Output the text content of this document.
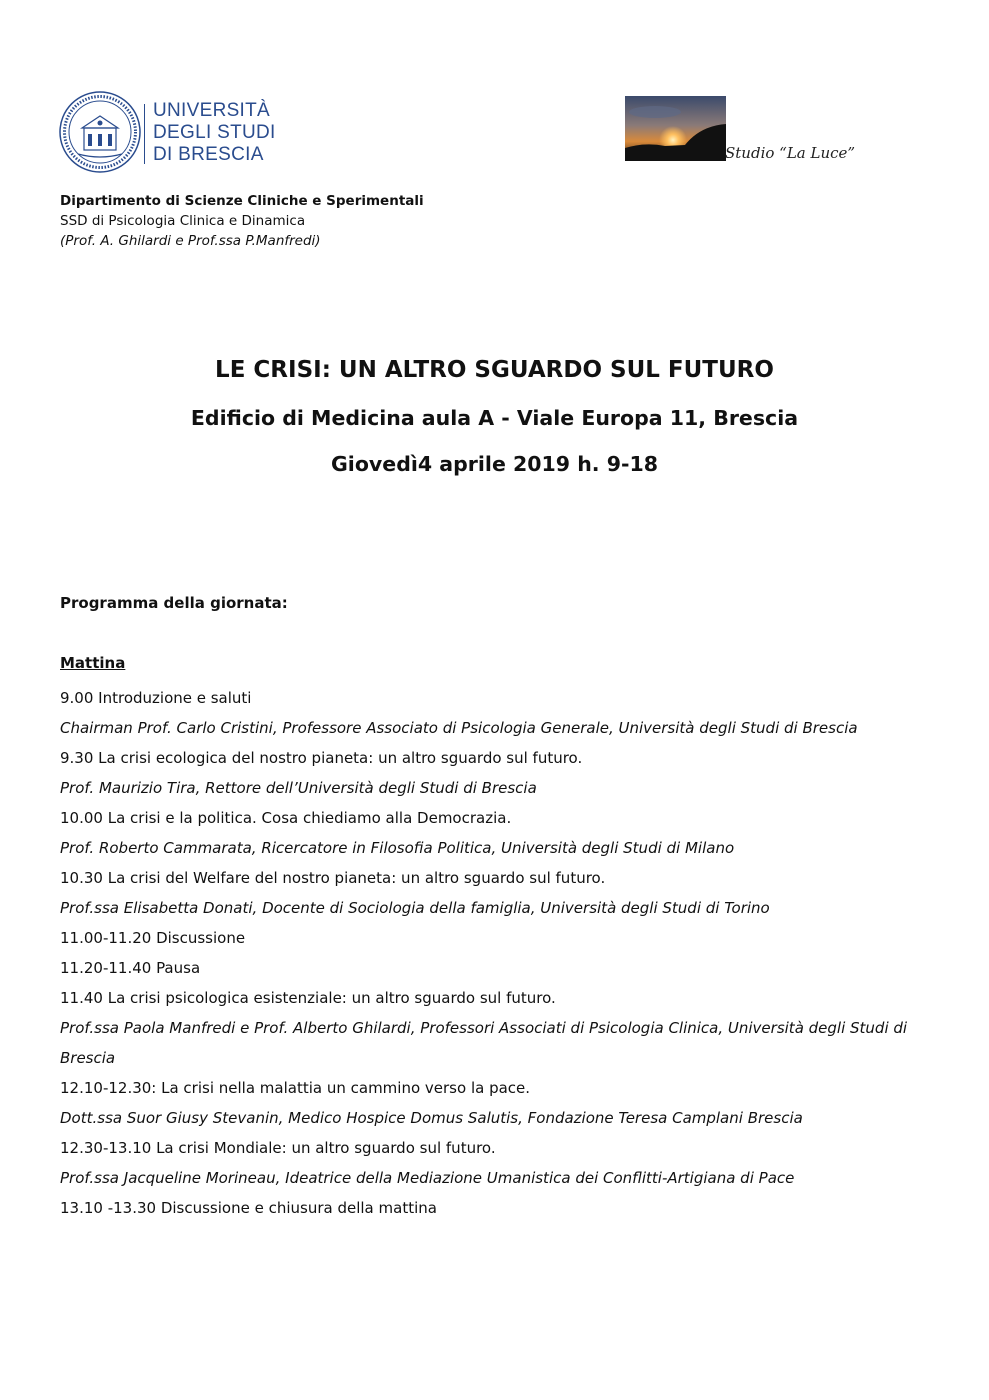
UNIVERSITÀ
DEGLI STUDI
DI BRESCIA	Studio “La Luce”
Dipartimento di Scienze Cliniche e Sperimentali
SSD di Psicologia Clinica e Dinamica
(Prof. A. Ghilardi e Prof.ssa P.Manfredi)
LE CRISI: UN ALTRO SGUARDO SUL FUTURO
Edificio di Medicina aula A - Viale Europa 11, Brescia
Giovedì4 aprile 2019 h. 9-18
Programma della giornata:
Mattina
9.00 Introduzione e saluti
Chairman Prof. Carlo Cristini, Professore Associato di Psicologia Generale, Università degli Studi di Brescia
9.30 La crisi ecologica del nostro pianeta: un altro sguardo sul futuro.
Prof. Maurizio Tira, Rettore dell’Università degli Studi di Brescia
10.00 La crisi e la politica. Cosa chiediamo alla Democrazia.
Prof. Roberto Cammarata, Ricercatore in Filosofia Politica, Università degli Studi di Milano
10.30 La crisi del Welfare del nostro pianeta: un altro sguardo sul futuro.
Prof.ssa Elisabetta Donati, Docente di Sociologia della famiglia, Università degli Studi di Torino
11.00-11.20 Discussione
11.20-11.40 Pausa
11.40 La crisi psicologica esistenziale: un altro sguardo sul futuro.
Prof.ssa Paola Manfredi e Prof. Alberto Ghilardi, Professori Associati di Psicologia Clinica, Università degli Studi di
Brescia
12.10-12.30: La crisi nella malattia un cammino verso la pace.
Dott.ssa Suor Giusy Stevanin, Medico Hospice Domus Salutis, Fondazione Teresa Camplani Brescia
12.30-13.10 La crisi Mondiale: un altro sguardo sul futuro.
Prof.ssa Jacqueline Morineau, Ideatrice della Mediazione Umanistica dei Conflitti-Artigiana di Pace
13.10 -13.30 Discussione e chiusura della mattina
